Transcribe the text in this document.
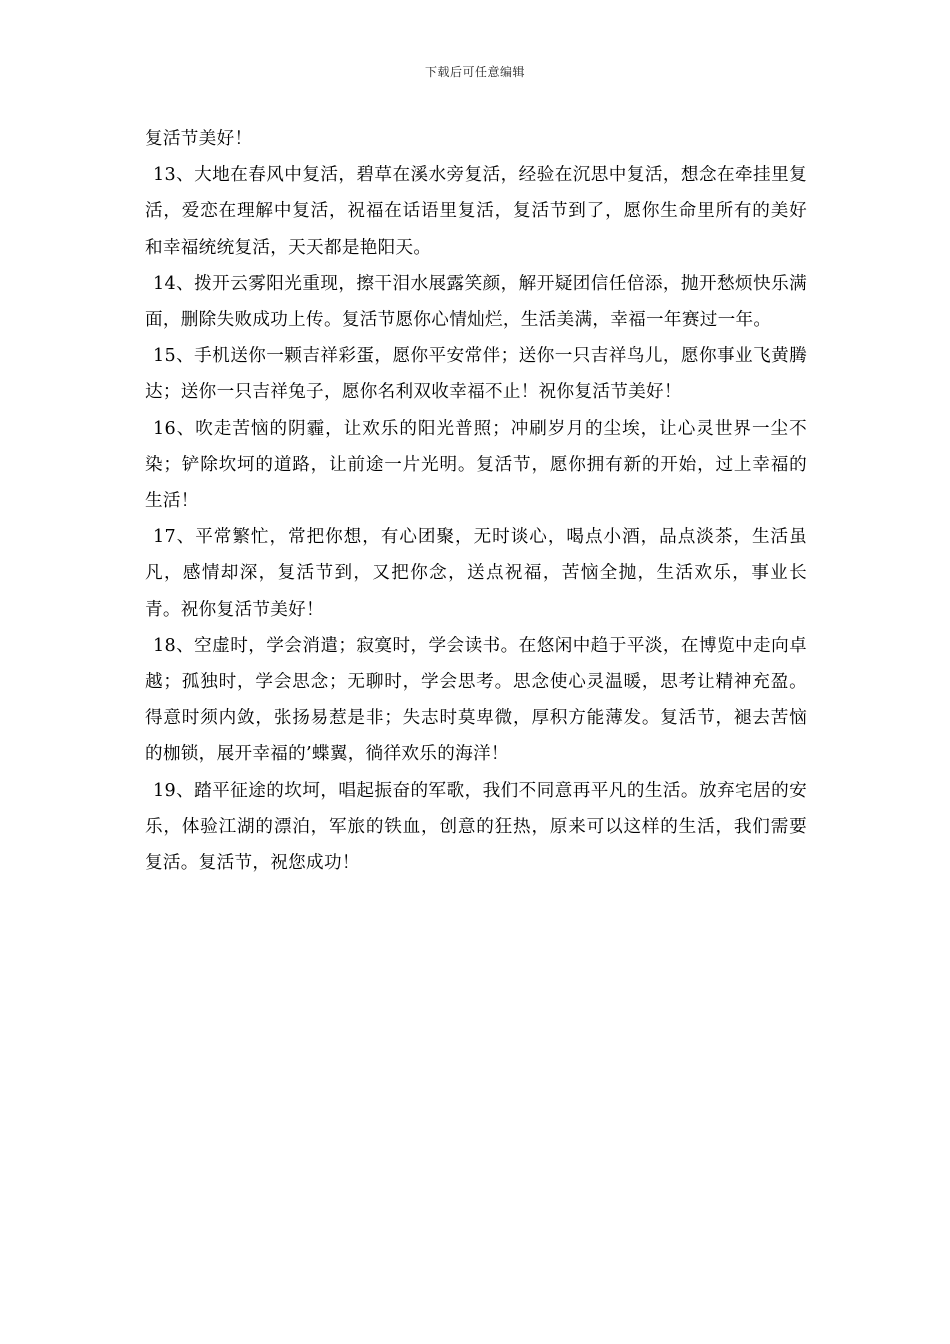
下载后可任意编辑

复活节美好！

13、大地在春风中复活，碧草在溪水旁复活，经验在沉思中复活，想念在牵挂里复活，爱恋在理解中复活，祝福在话语里复活，复活节到了，愿你生命里所有的美好和幸福统统复活，天天都是艳阳天。

14、拨开云雾阳光重现，擦干泪水展露笑颜，解开疑团信任倍添，抛开愁烦快乐满面，删除失败成功上传。复活节愿你心情灿烂，生活美满，幸福一年赛过一年。

15、手机送你一颗吉祥彩蛋，愿你平安常伴；送你一只吉祥鸟儿，愿你事业飞黄腾达；送你一只吉祥兔子，愿你名利双收幸福不止！祝你复活节美好！

16、吹走苦恼的阴霾，让欢乐的阳光普照；冲刷岁月的尘埃，让心灵世界一尘不染；铲除坎坷的道路，让前途一片光明。复活节，愿你拥有新的开始，过上幸福的生活！

17、平常繁忙，常把你想，有心团聚，无时谈心，喝点小酒，品点淡茶，生活虽凡，感情却深，复活节到，又把你念，送点祝福，苦恼全抛，生活欢乐，事业长青。祝你复活节美好！

18、空虚时，学会消遣；寂寞时，学会读书。在悠闲中趋于平淡，在博览中走向卓越；孤独时，学会思念；无聊时，学会思考。思念使心灵温暖，思考让精神充盈。得意时须内敛，张扬易惹是非；失志时莫卑微，厚积方能薄发。复活节，褪去苦恼的枷锁，展开幸福的’蝶翼，徜徉欢乐的海洋！

19、踏平征途的坎坷，唱起振奋的军歌，我们不同意再平凡的生活。放弃宅居的安乐，体验江湖的漂泊，军旅的铁血，创意的狂热，原来可以这样的生活，我们需要复活。复活节，祝您成功！
